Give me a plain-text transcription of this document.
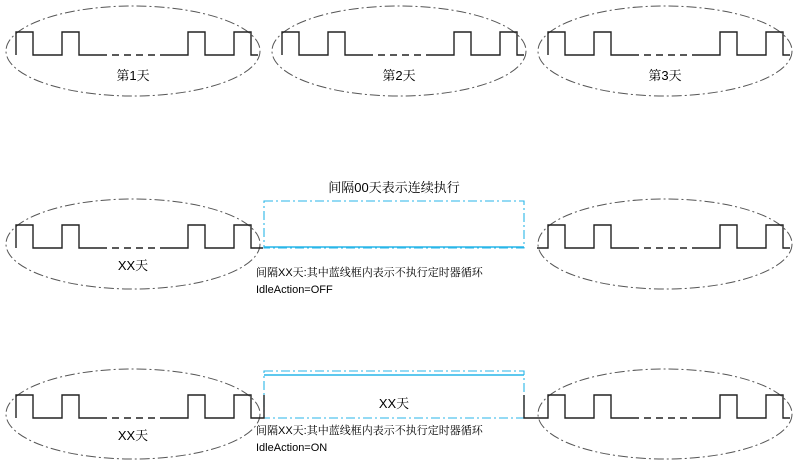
第1天	第2天	第3天
间隔00天表示连续执行
XX天	间隔XX天:其中蓝线框内表示不执行定时器循环
IdleAction=OFF
XX天
XX天
间隔XX天:其中蓝线框内表示不执行定时器循环
IdleAction=ON
